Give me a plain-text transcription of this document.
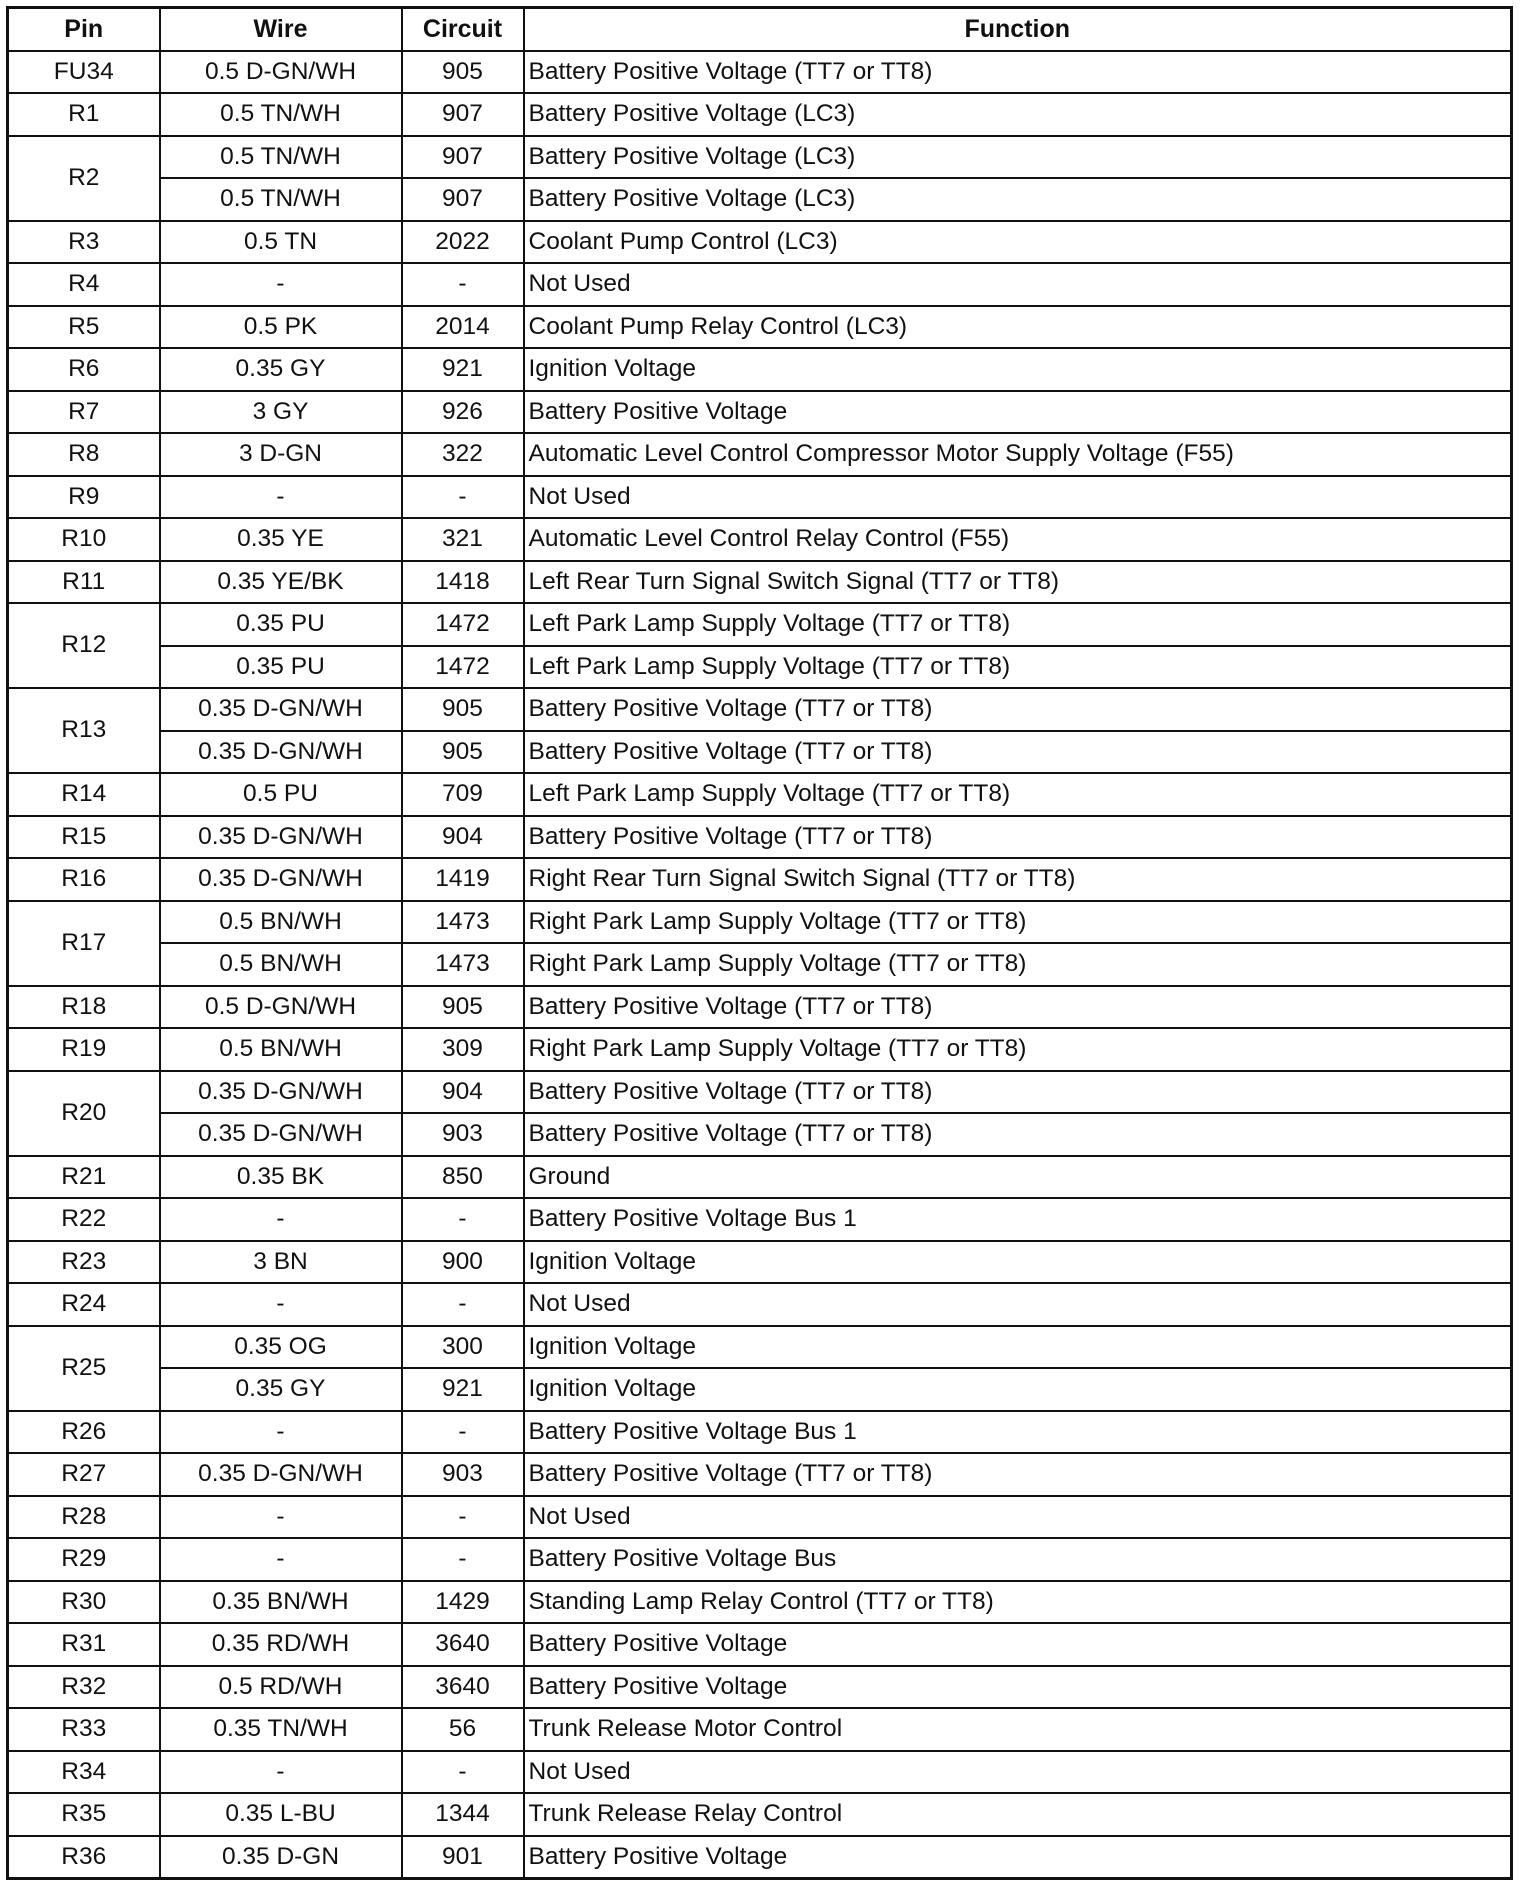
Pin	Wire	Circuit	Function
FU34	0.5 D-GN/WH	905	Battery Positive Voltage (TT7 or TT8)
R1	0.5 TN/WH	907	Battery Positive Voltage (LC3)
R2	0.5 TN/WH	907	Battery Positive Voltage (LC3)
	0.5 TN/WH	907	Battery Positive Voltage (LC3)
R3	0.5 TN	2022	Coolant Pump Control (LC3)
R4	-	-	Not Used
R5	0.5 PK	2014	Coolant Pump Relay Control (LC3)
R6	0.35 GY	921	Ignition Voltage
R7	3 GY	926	Battery Positive Voltage
R8	3 D-GN	322	Automatic Level Control Compressor Motor Supply Voltage (F55)
R9	-	-	Not Used
R10	0.35 YE	321	Automatic Level Control Relay Control (F55)
R11	0.35 YE/BK	1418	Left Rear Turn Signal Switch Signal (TT7 or TT8)
R12	0.35 PU	1472	Left Park Lamp Supply Voltage (TT7 or TT8)
	0.35 PU	1472	Left Park Lamp Supply Voltage (TT7 or TT8)
R13	0.35 D-GN/WH	905	Battery Positive Voltage (TT7 or TT8)
	0.35 D-GN/WH	905	Battery Positive Voltage (TT7 or TT8)
R14	0.5 PU	709	Left Park Lamp Supply Voltage (TT7 or TT8)
R15	0.35 D-GN/WH	904	Battery Positive Voltage (TT7 or TT8)
R16	0.35 D-GN/WH	1419	Right Rear Turn Signal Switch Signal (TT7 or TT8)
R17	0.5 BN/WH	1473	Right Park Lamp Supply Voltage (TT7 or TT8)
	0.5 BN/WH	1473	Right Park Lamp Supply Voltage (TT7 or TT8)
R18	0.5 D-GN/WH	905	Battery Positive Voltage (TT7 or TT8)
R19	0.5 BN/WH	309	Right Park Lamp Supply Voltage (TT7 or TT8)
R20	0.35 D-GN/WH	904	Battery Positive Voltage (TT7 or TT8)
	0.35 D-GN/WH	903	Battery Positive Voltage (TT7 or TT8)
R21	0.35 BK	850	Ground
R22	-	-	Battery Positive Voltage Bus 1
R23	3 BN	900	Ignition Voltage
R24	-	-	Not Used
R25	0.35 OG	300	Ignition Voltage
	0.35 GY	921	Ignition Voltage
R26	-	-	Battery Positive Voltage Bus 1
R27	0.35 D-GN/WH	903	Battery Positive Voltage (TT7 or TT8)
R28	-	-	Not Used
R29	-	-	Battery Positive Voltage Bus
R30	0.35 BN/WH	1429	Standing Lamp Relay Control (TT7 or TT8)
R31	0.35 RD/WH	3640	Battery Positive Voltage
R32	0.5 RD/WH	3640	Battery Positive Voltage
R33	0.35 TN/WH	56	Trunk Release Motor Control
R34	-	-	Not Used
R35	0.35 L-BU	1344	Trunk Release Relay Control
R36	0.35 D-GN	901	Battery Positive Voltage
